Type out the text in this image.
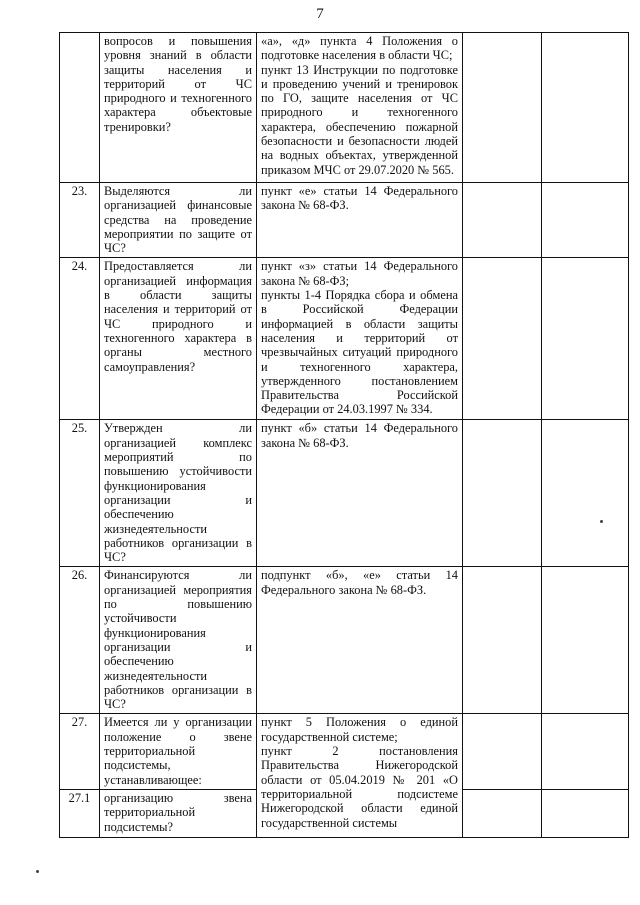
7
	вопросов и повышения уровня знаний в области защиты населения и территорий от ЧС природного и техногенного характера объектовые тренировки?	«а», «д» пункта 4 Положения о подготовке населения в области ЧС;
пункт 13 Инструкции по подготовке и проведению учений и тренировок по ГО, защите населения от ЧС природного и техногенного характера, обеспечению пожарной безопасности и безопасности людей на водных объектах, утвержденной приказом МЧС от 29.07.2020 № 565.		
23.	Выделяются ли организацией финансовые средства на проведение мероприятии по защите от ЧС?	пункт «е» статьи 14 Федерального закона № 68-ФЗ.		
24.	Предоставляется ли организацией информация в области защиты населения и территорий от ЧС природного и техногенного характера в органы местного самоуправления?	пункт «з» статьи 14 Федерального закона № 68-ФЗ;
пункты 1-4 Порядка сбора и обмена в Российской Федерации информацией в области защиты населения и территорий от чрезвычайных ситуаций природного и техногенного характера, утвержденного постановлением Правительства Российской Федерации от 24.03.1997 № 334.		
25.	Утвержден ли организацией комплекс мероприятий по повышению устойчивости функционирования организации и обеспечению жизнедеятельности работников организации в ЧС?	пункт «б» статьи 14 Федерального закона № 68-ФЗ.		
26.	Финансируются ли организацией мероприятия по повышению устойчивости функционирования организации и обеспечению жизнедеятельности работников организации в ЧС?	подпункт «б», «е» статьи 14 Федерального закона № 68-ФЗ.		
27.	Имеется ли у организации положение о звене территориальной подсистемы, устанавливающее:	пункт 5 Положения о единой государственной системе;
пункт 2 постановления Правительства Нижегородской области от 05.04.2019 № 201 «О территориальной подсистеме Нижегородской области единой государственной системы		
27.1	организацию звена территориальной подсистемы?			
